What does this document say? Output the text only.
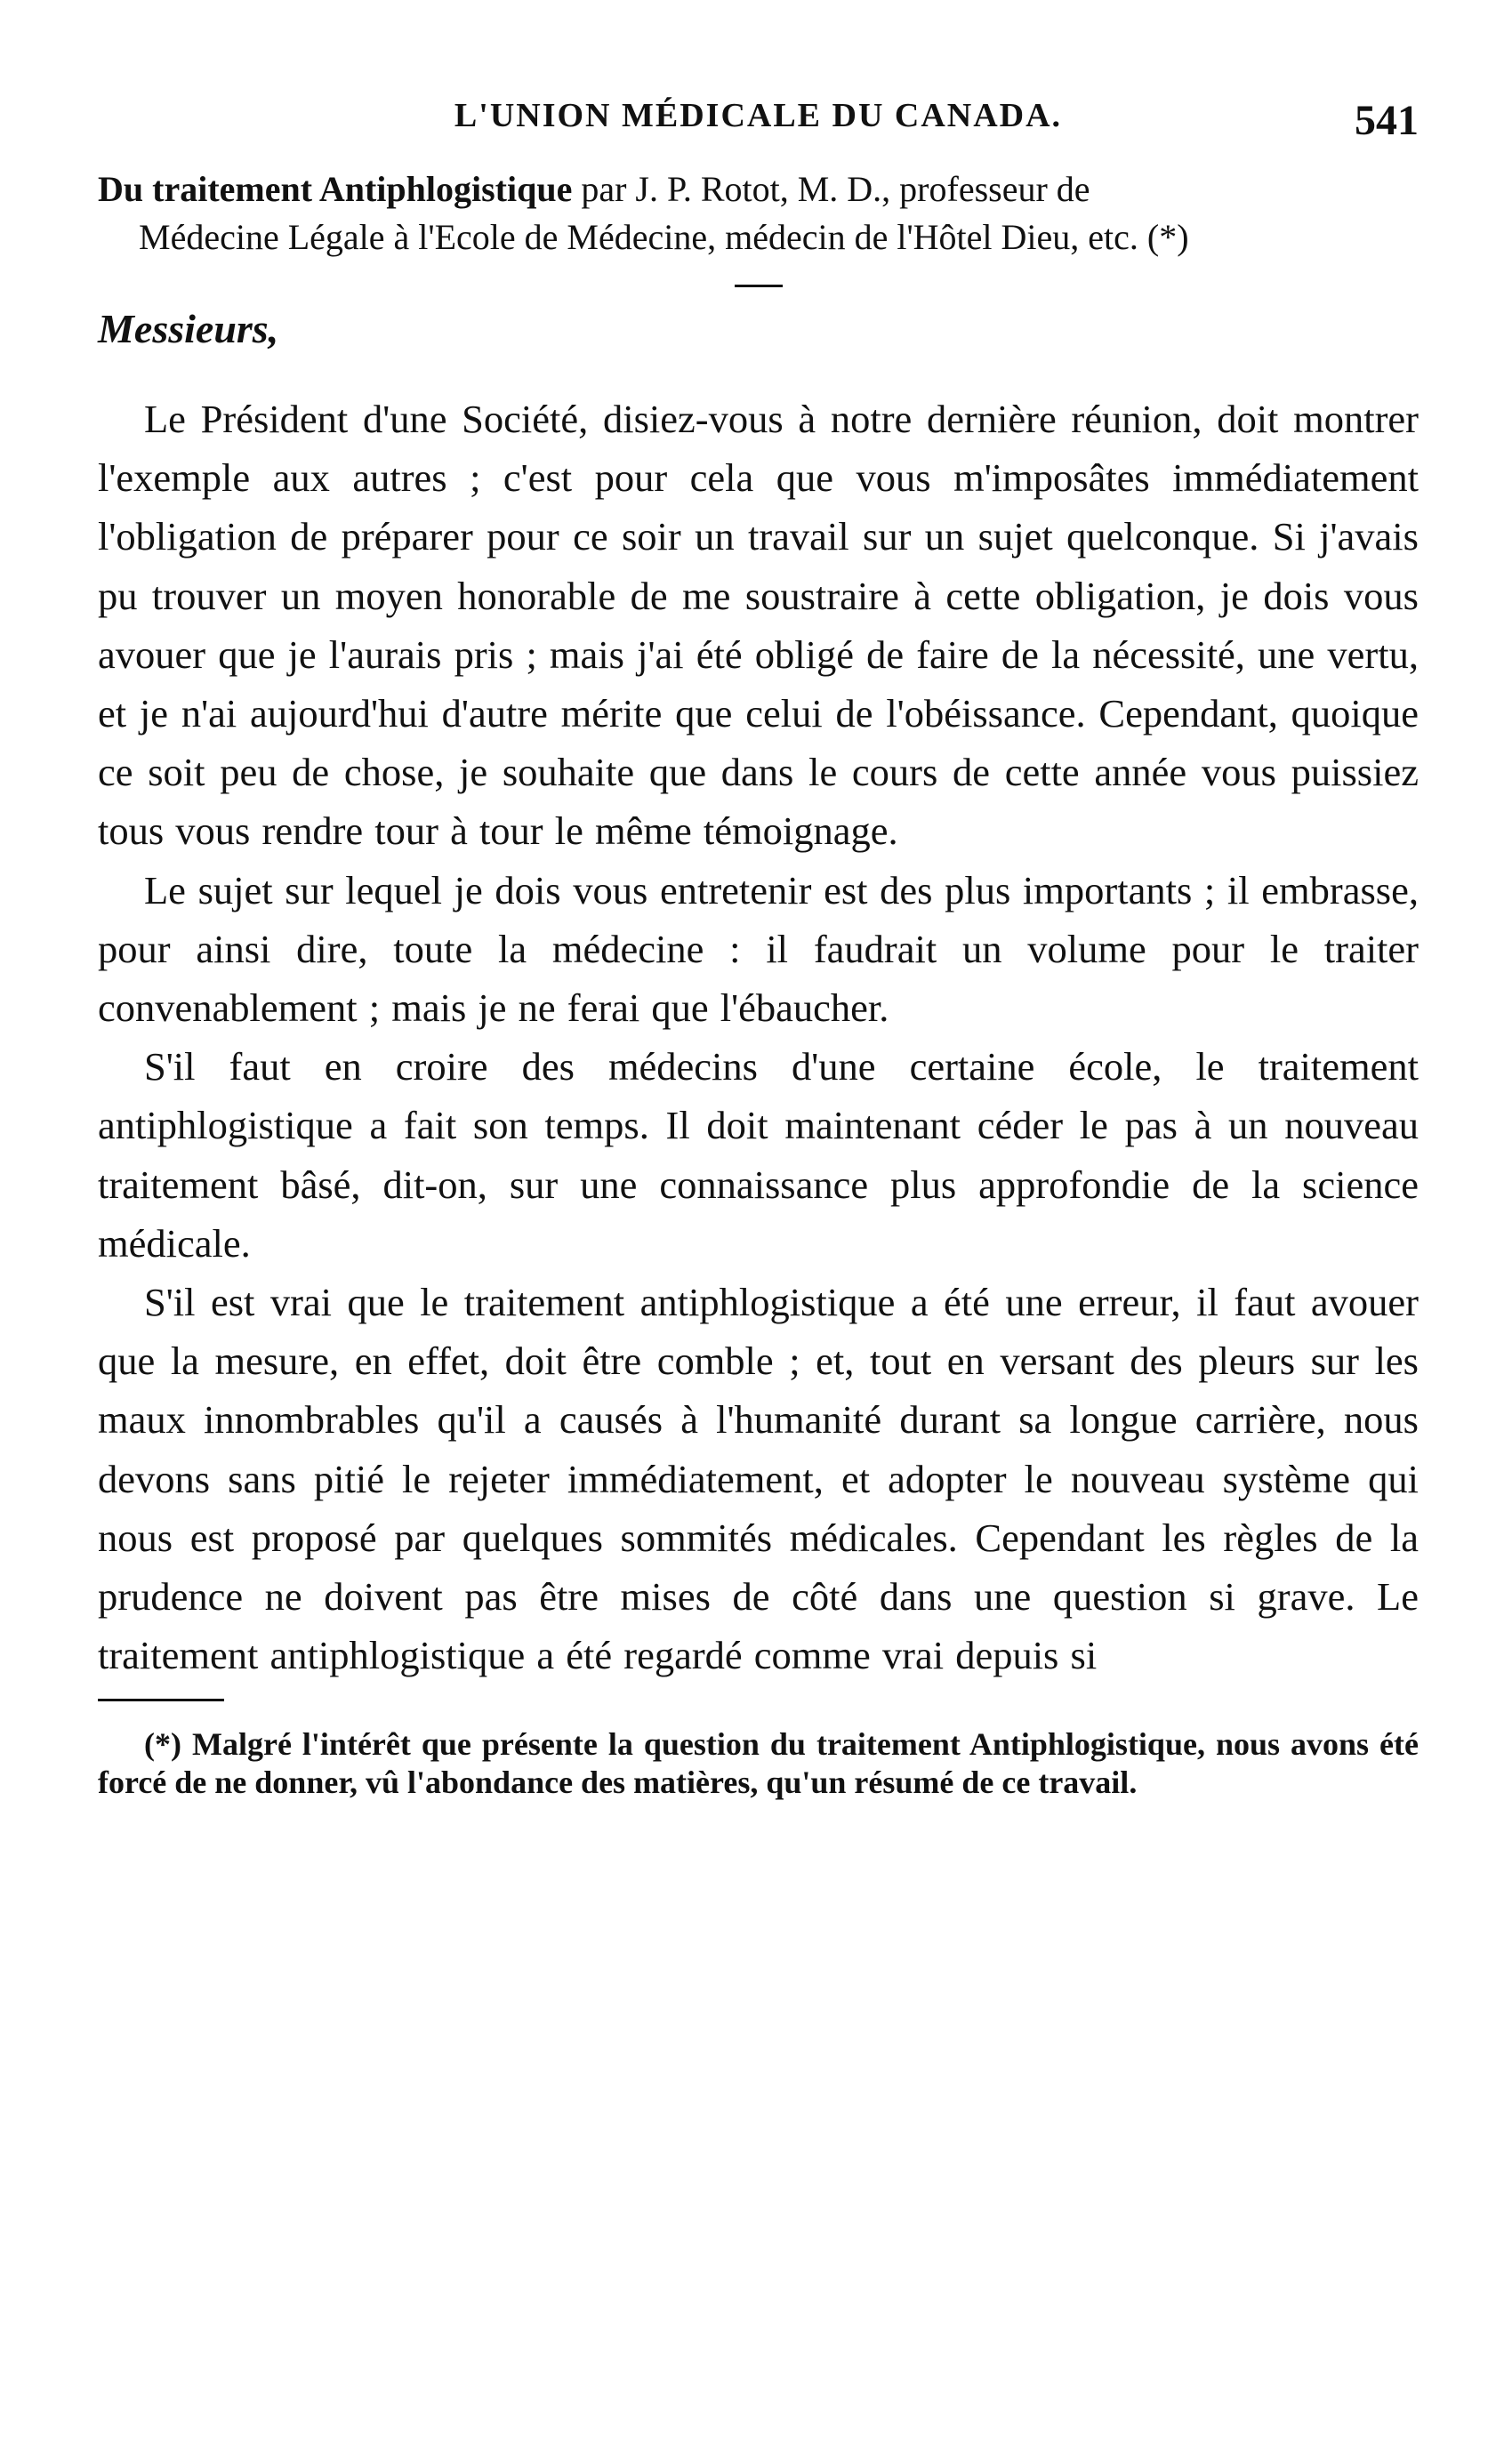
L'UNION MÉDICALE DU CANADA.	541
Du traitement Antiphlogistique par J. P. Rotot, M. D., professeur de
Médecine Légale à l'Ecole de Médecine, médecin de l'Hôtel Dieu, etc. (*)
Messieurs,

Le Président d'une Société, disiez-vous à notre dernière réunion, doit montrer l'exemple aux autres ; c'est pour cela que vous m'imposâtes immédiatement l'obligation de préparer pour ce soir un travail sur un sujet quelconque. Si j'avais pu trouver un moyen honorable de me soustraire à cette obligation, je dois vous avouer que je l'aurais pris ; mais j'ai été obligé de faire de la nécessité, une vertu, et je n'ai aujourd'hui d'autre mérite que celui de l'obéissance. Cependant, quoique ce soit peu de chose, je souhaite que dans le cours de cette année vous puissiez tous vous rendre tour à tour le même témoignage.

Le sujet sur lequel je dois vous entretenir est des plus importants ; il embrasse, pour ainsi dire, toute la médecine : il faudrait un volume pour le traiter convenablement ; mais je ne ferai que l'ébaucher.

S'il faut en croire des médecins d'une certaine école, le traitement antiphlogistique a fait son temps. Il doit maintenant céder le pas à un nouveau traitement bâsé, dit-on, sur une connaissance plus approfondie de la science médicale.

S'il est vrai que le traitement antiphlogistique a été une erreur, il faut avouer que la mesure, en effet, doit être comble ; et, tout en versant des pleurs sur les maux innombrables qu'il a causés à l'humanité durant sa longue carrière, nous devons sans pitié le rejeter immédiatement, et adopter le nouveau système qui nous est proposé par quelques sommités médicales. Cependant les règles de la prudence ne doivent pas être mises de côté dans une question si grave. Le traitement antiphlogistique a été regardé comme vrai depuis si

(*) Malgré l'intérêt que présente la question du traitement Antiphlogistique, nous avons été forcé de ne donner, vû l'abondance des matières, qu'un résumé de ce travail.
